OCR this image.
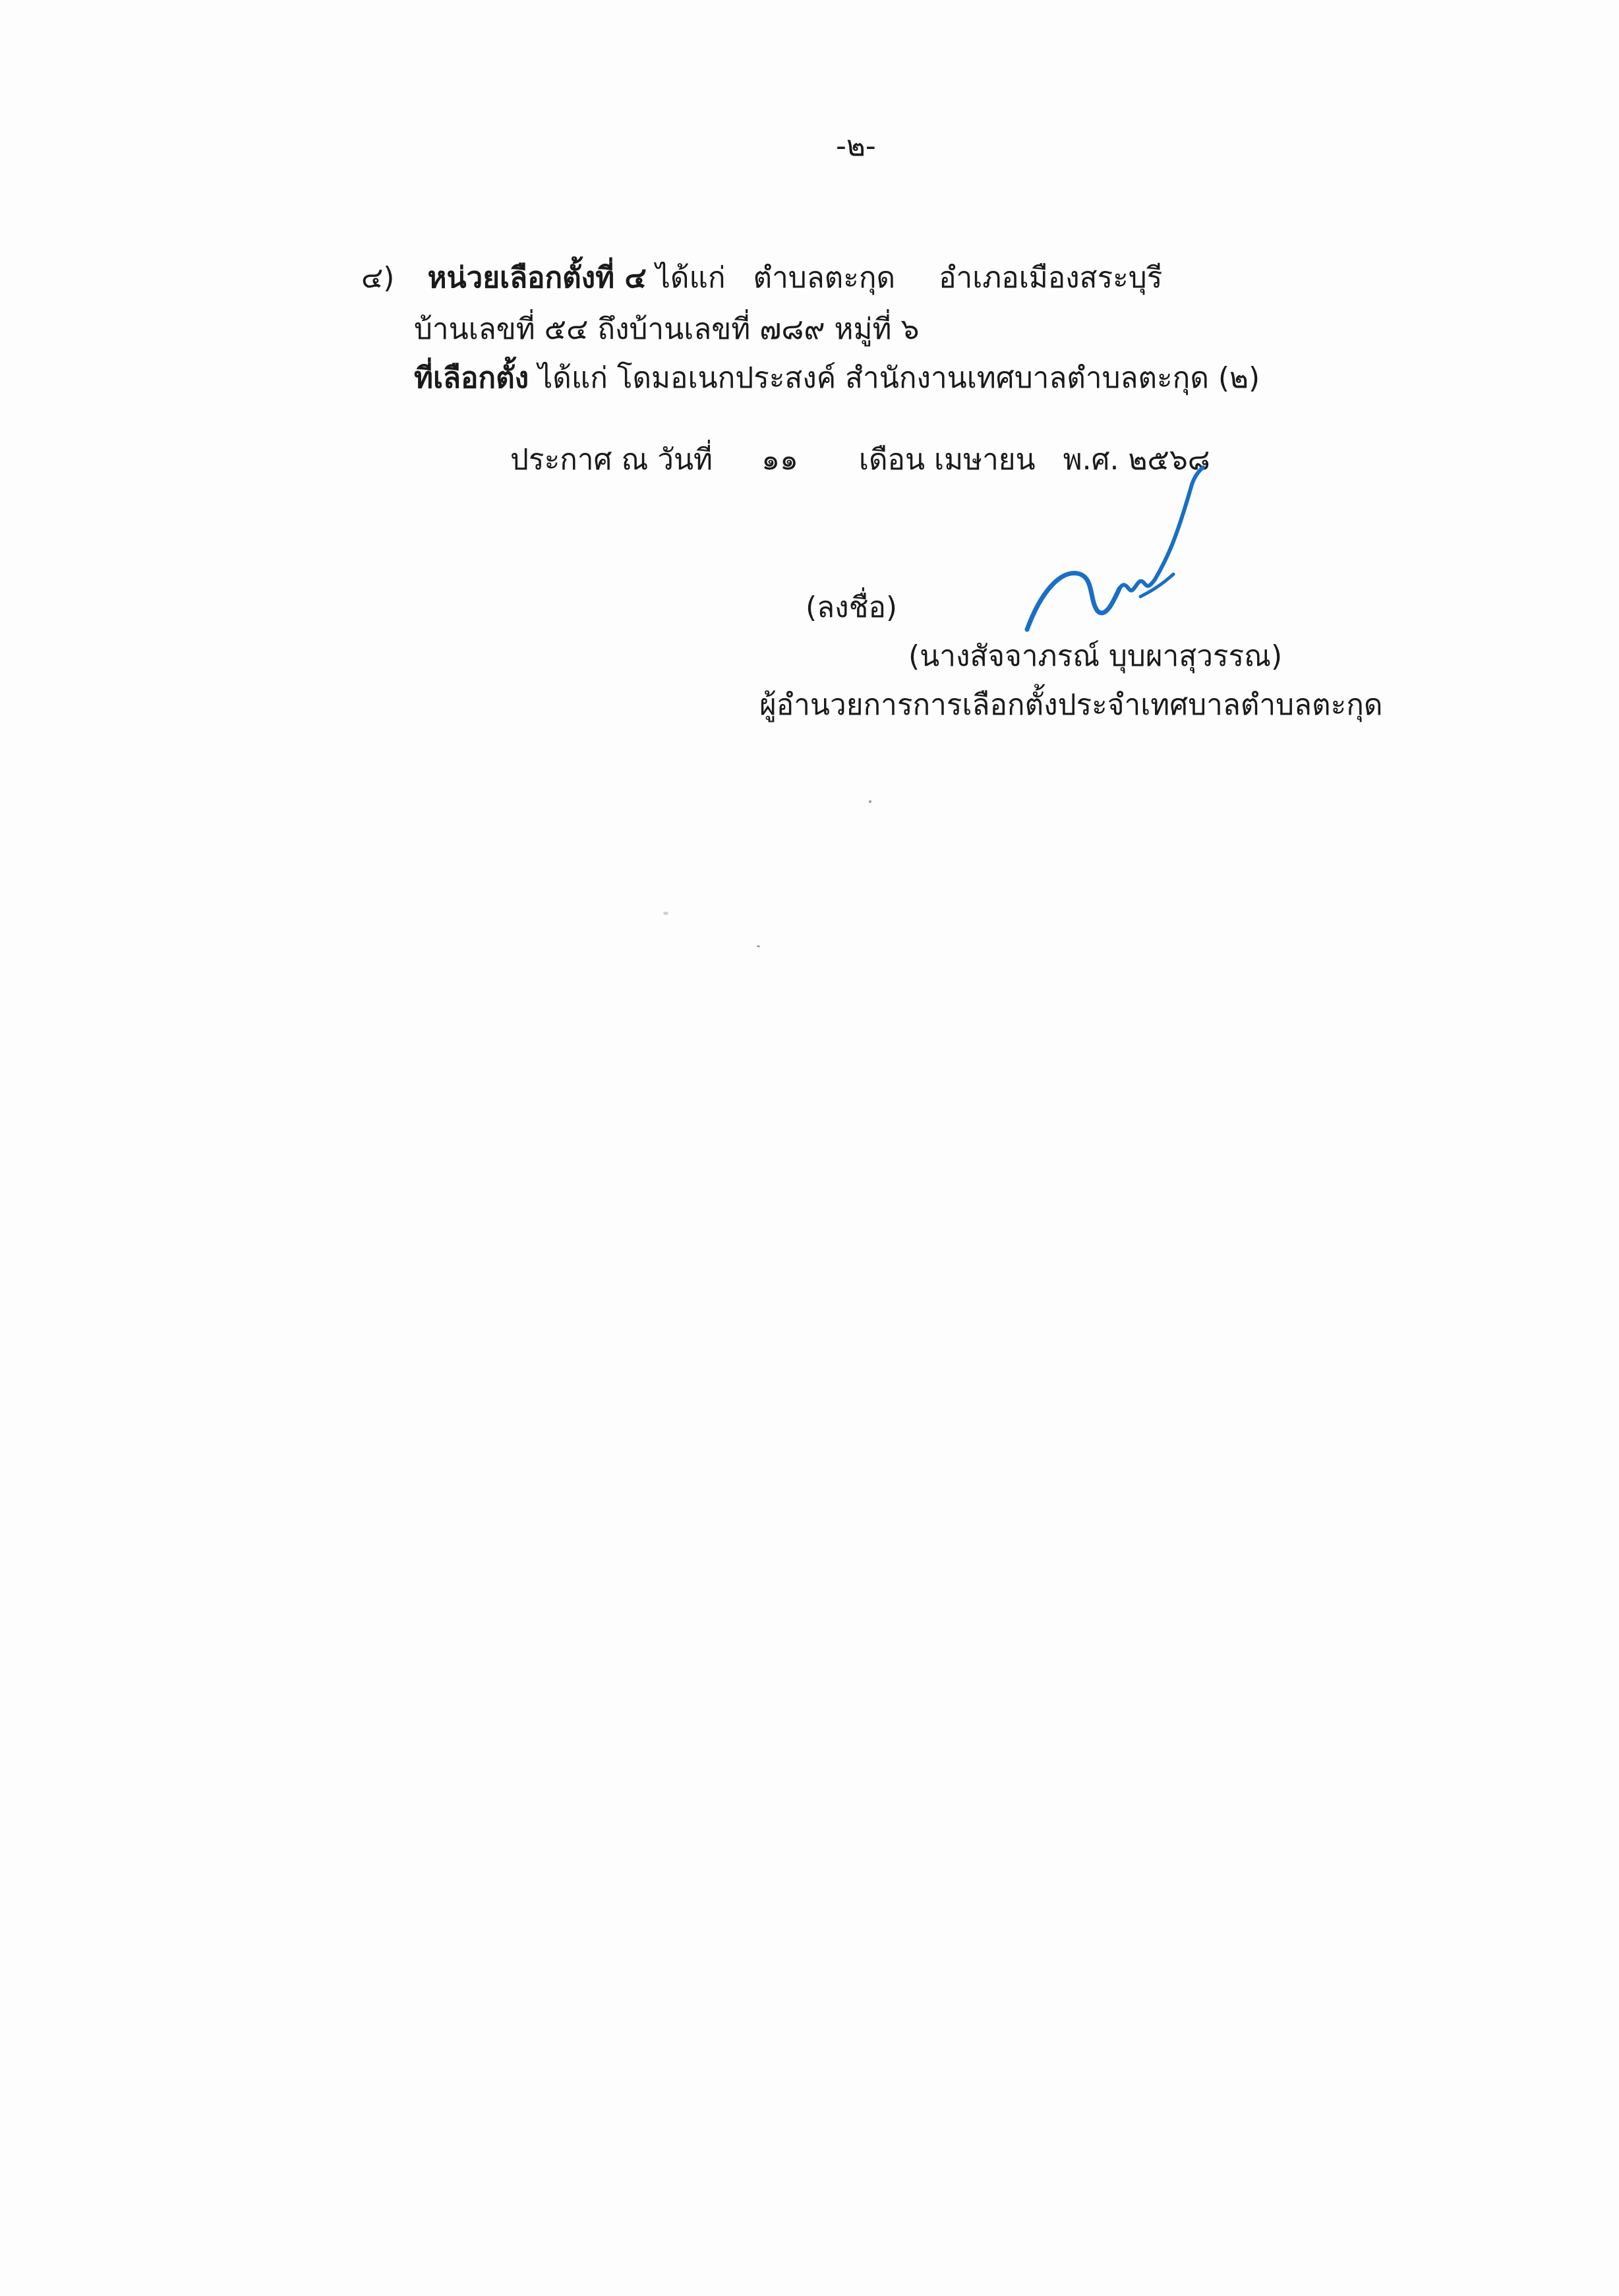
-๒-
๔) หน่วยเลือกตั้งที่ ๔ ได้แก่ ตำบลตะกุด อำเภอเมืองสระบุรี
บ้านเลขที่ ๕๔ ถึงบ้านเลขที่ ๗๘๙ หมู่ที่ ๖
ที่เลือกตั้ง ได้แก่ โดมอเนกประสงค์ สำนักงานเทศบาลตำบลตะกุด (๒)
ประกาศ ณ วันที่ ๑๑ เดือน เมษายน พ.ศ. ๒๕๖๘
(ลงชื่อ)
(นางสัจจาภรณ์ บุบผาสุวรรณ)
ผู้อำนวยการการเลือกตั้งประจำเทศบาลตำบลตะกุด
